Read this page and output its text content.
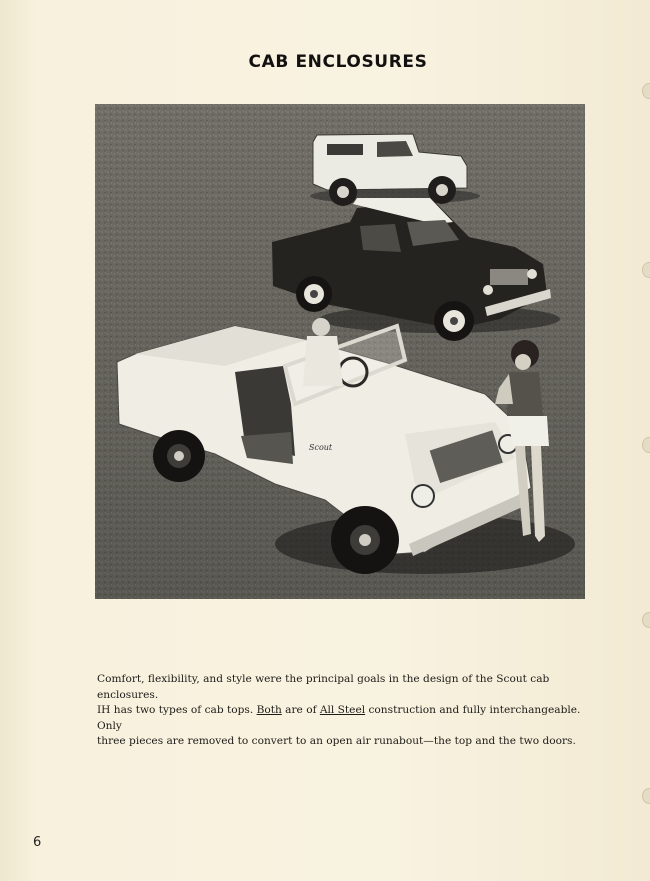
CAB ENCLOSURES
Scout

Comfort, flexibility, and style were the principal goals in the design of the Scout cab enclosures.

IH has two types of cab tops. Both are of All Steel construction and fully interchangeable. Only

three pieces are removed to convert to an open air runabout—the top and the two doors.

6
